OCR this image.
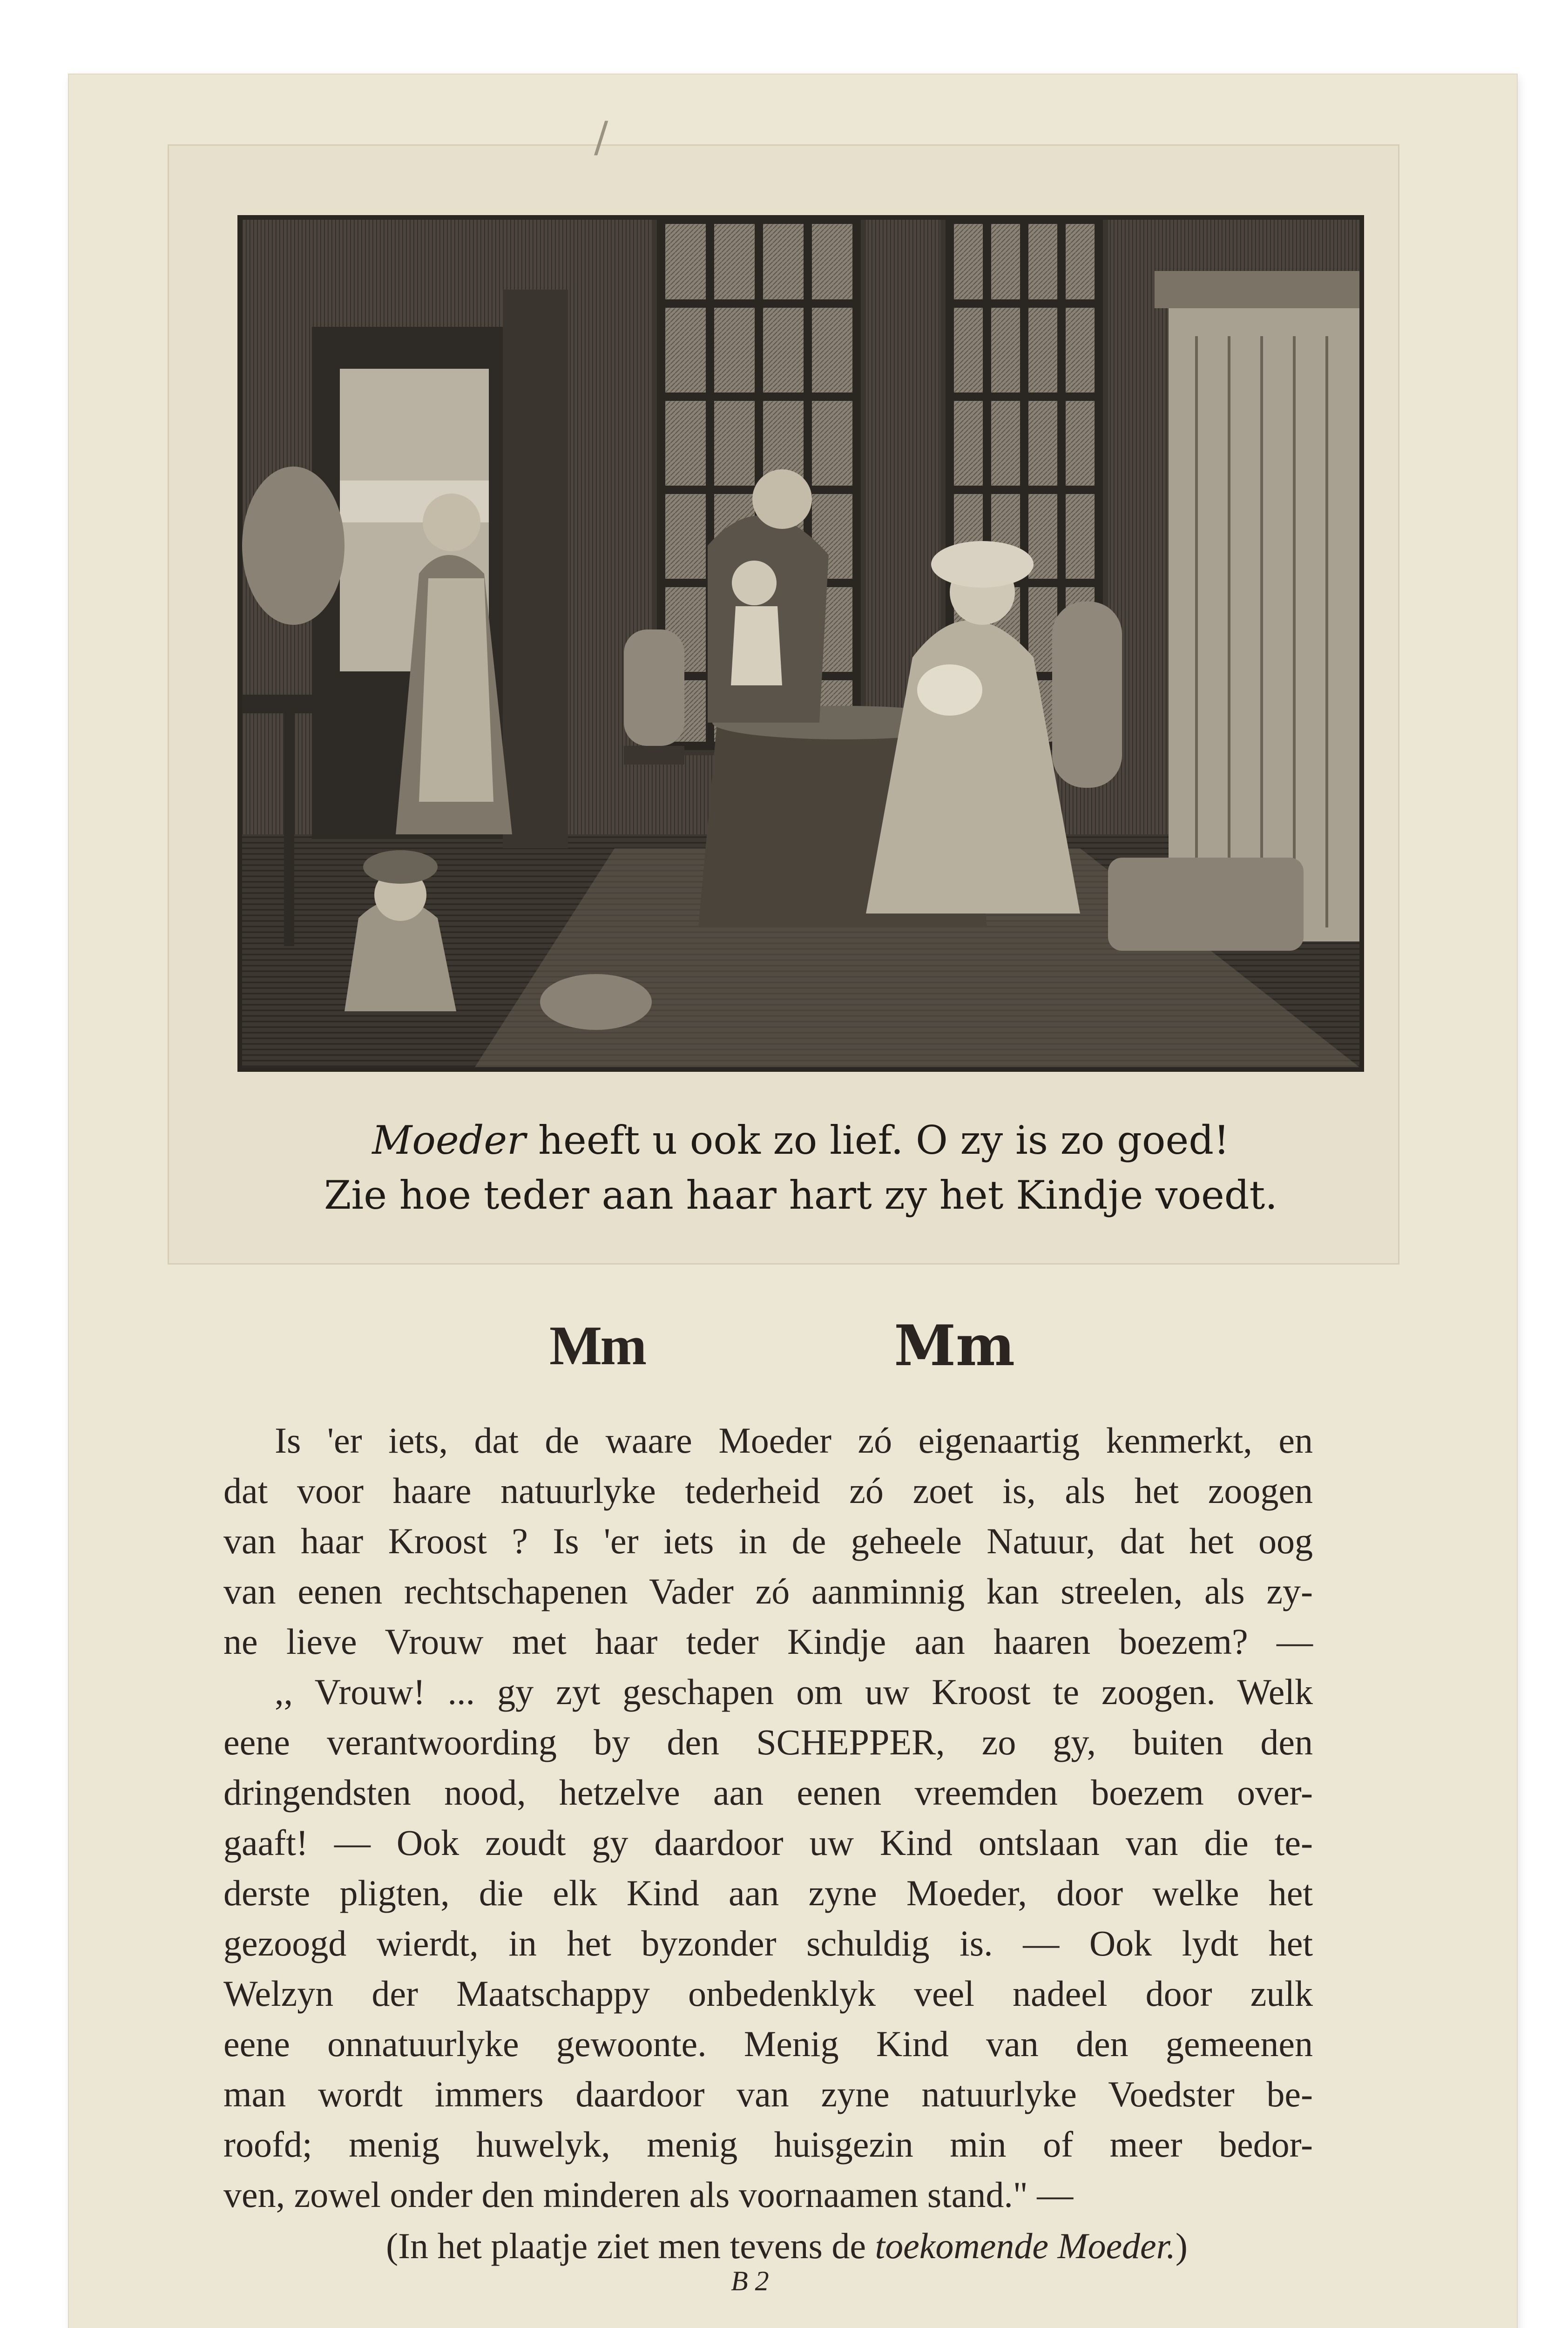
/
Moeder heeft u ook zo lief. O zy is zo goed!
Zie hoe teder aan haar hart zy het Kindje voedt.
Mm	Mm
Is 'er iets, dat de waare Moeder zó eigenaartig kenmerkt, en
dat voor haare natuurlyke tederheid zó zoet is, als het zoogen
van haar Kroost ? Is 'er iets in de geheele Natuur, dat het oog
van eenen rechtschapenen Vader zó aanminnig kan streelen, als zy-
ne lieve Vrouw met haar teder Kindje aan haaren boezem? —
,, Vrouw! ... gy zyt geschapen om uw Kroost te zoogen. Welk
eene verantwoording by den SCHEPPER, zo gy, buiten den
dringendsten nood, hetzelve aan eenen vreemden boezem over-
gaaft! — Ook zoudt gy daardoor uw Kind ontslaan van die te-
derste pligten, die elk Kind aan zyne Moeder, door welke het
gezoogd wierdt, in het byzonder schuldig is. — Ook lydt het
Welzyn der Maatschappy onbedenklyk veel nadeel door zulk
eene onnatuurlyke gewoonte. Menig Kind van den gemeenen
man wordt immers daardoor van zyne natuurlyke Voedster be-
roofd; menig huwelyk, menig huisgezin min of meer bedor-
ven, zowel onder den minderen als voornaamen stand." —
(In het plaatje ziet men tevens de toekomende Moeder.)
B 2
